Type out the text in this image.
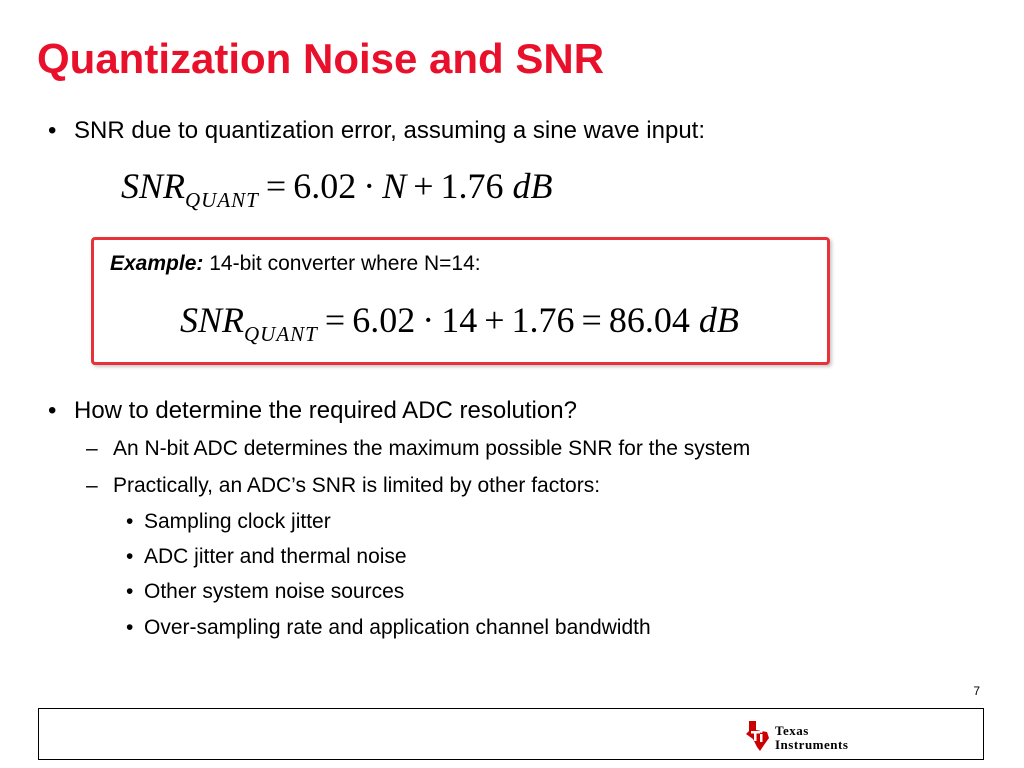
Quantization Noise and SNR
• SNR due to quantization error, assuming a sine wave input:
$SNR_{QUANT} = 6.02 \cdot N + 1.76$ dB
Example: 14-bit converter where N=14:
$SNR_{QUANT} = 6.02 \cdot 14 + 1.76 = 86.04$ dB
• How to determine the required ADC resolution?
– An N-bit ADC determines the maximum possible SNR for the system
– Practically, an ADC’s SNR is limited by other factors:
• Sampling clock jitter
• ADC jitter and thermal noise
• Other system noise sources
• Over-sampling rate and application channel bandwidth
7
Texas
Instruments
